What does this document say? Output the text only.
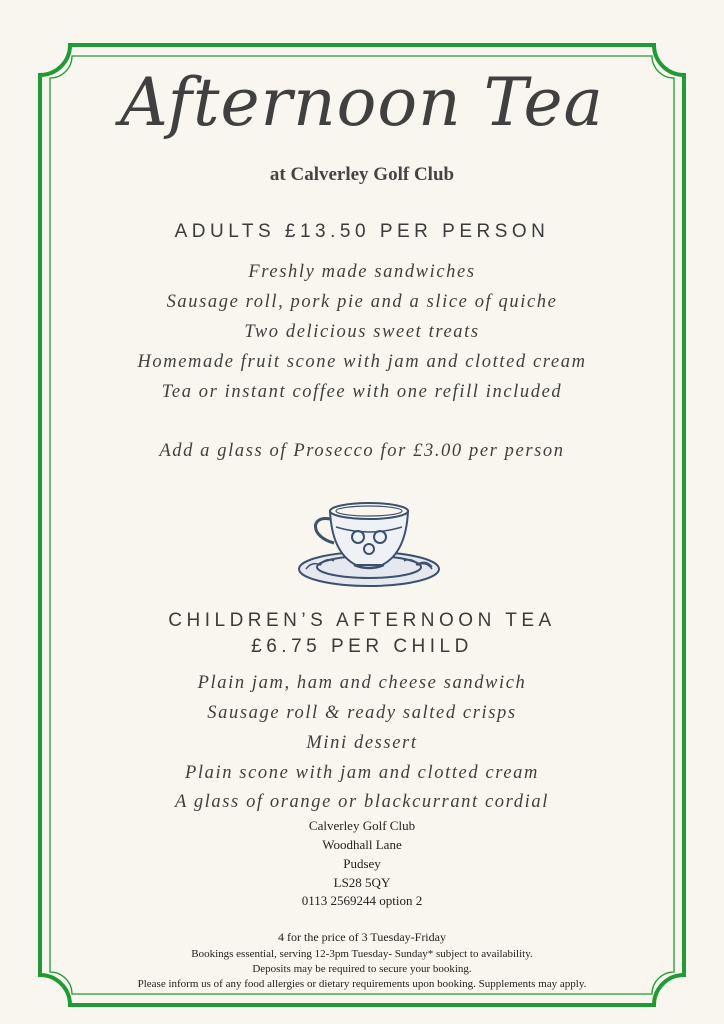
Afternoon Tea
at Calverley Golf Club
ADULTS £13.50 PER PERSON
Freshly made sandwiches
Sausage roll, pork pie and a slice of quiche
Two delicious sweet treats
Homemade fruit scone with jam and clotted cream
Tea or instant coffee with one refill included
Add a glass of Prosecco for £3.00 per person
CHILDREN’S AFTERNOON TEA
£6.75 PER CHILD
Plain jam, ham and cheese sandwich
Sausage roll & ready salted crisps
Mini dessert
Plain scone with jam and clotted cream
A glass of orange or blackcurrant cordial
Calverley Golf Club
Woodhall Lane
Pudsey
LS28 5QY
0113 2569244 option 2
4 for the price of 3 Tuesday-Friday
Bookings essential, serving 12-3pm Tuesday- Sunday* subject to availability.
Deposits may be required to secure your booking.
Please inform us of any food allergies or dietary requirements upon booking. Supplements may apply.
